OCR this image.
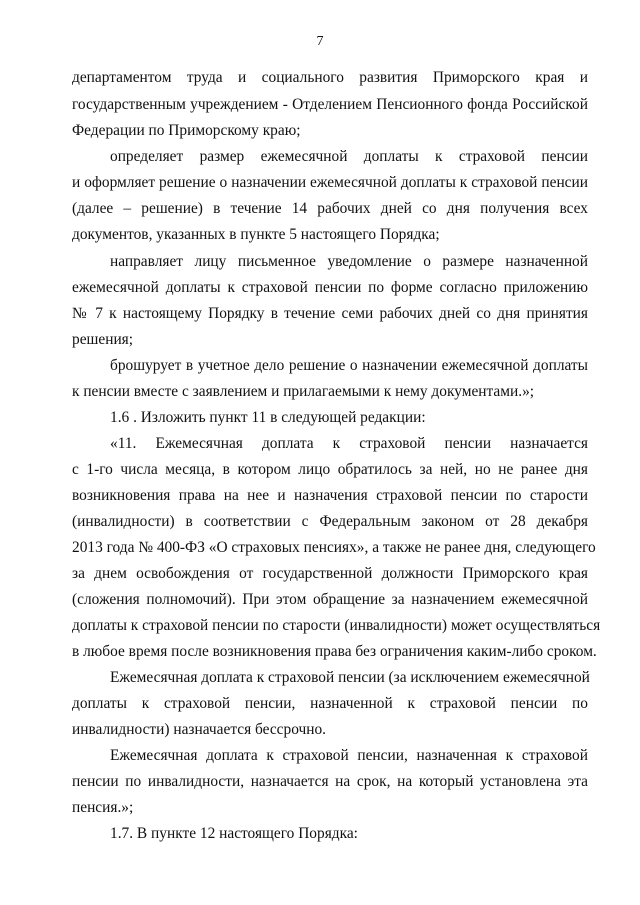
7
департаментом труда и социального развития Приморского края и
государственным учреждением - Отделением Пенсионного фонда Российской
Федерации по Приморскому краю;
определяет размер ежемесячной доплаты к страховой пенсии
и оформляет решение о назначении ежемесячной доплаты к страховой пенсии
(далее – решение) в течение 14 рабочих дней со дня получения всех
документов, указанных в пункте 5 настоящего Порядка;
направляет лицу письменное уведомление о размере назначенной
ежемесячной доплаты к страховой пенсии по форме согласно приложению
№ 7 к настоящему Порядку в течение семи рабочих дней со дня принятия
решения;
брошурует в учетное дело решение о назначении ежемесячной доплаты
к пенсии вместе с заявлением и прилагаемыми к нему документами.»;
1.6 . Изложить пункт 11 в следующей редакции:
«11. Ежемесячная доплата к страховой пенсии назначается
с 1-го числа месяца, в котором лицо обратилось за ней, но не ранее дня
возникновения права на нее и назначения страховой пенсии по старости
(инвалидности) в соответствии с Федеральным законом от 28 декабря
2013 года № 400-ФЗ «О страховых пенсиях», а также не ранее дня, следующего
за днем освобождения от государственной должности Приморского края
(сложения полномочий). При этом обращение за назначением ежемесячной
доплаты к страховой пенсии по старости (инвалидности) может осуществляться
в любое время после возникновения права без ограничения каким-либо сроком.
Ежемесячная доплата к страховой пенсии (за исключением ежемесячной
доплаты к страховой пенсии, назначенной к страховой пенсии по
инвалидности) назначается бессрочно.
Ежемесячная доплата к страховой пенсии, назначенная к страховой
пенсии по инвалидности, назначается на срок, на который установлена эта
пенсия.»;
1.7. В пункте 12 настоящего Порядка:
